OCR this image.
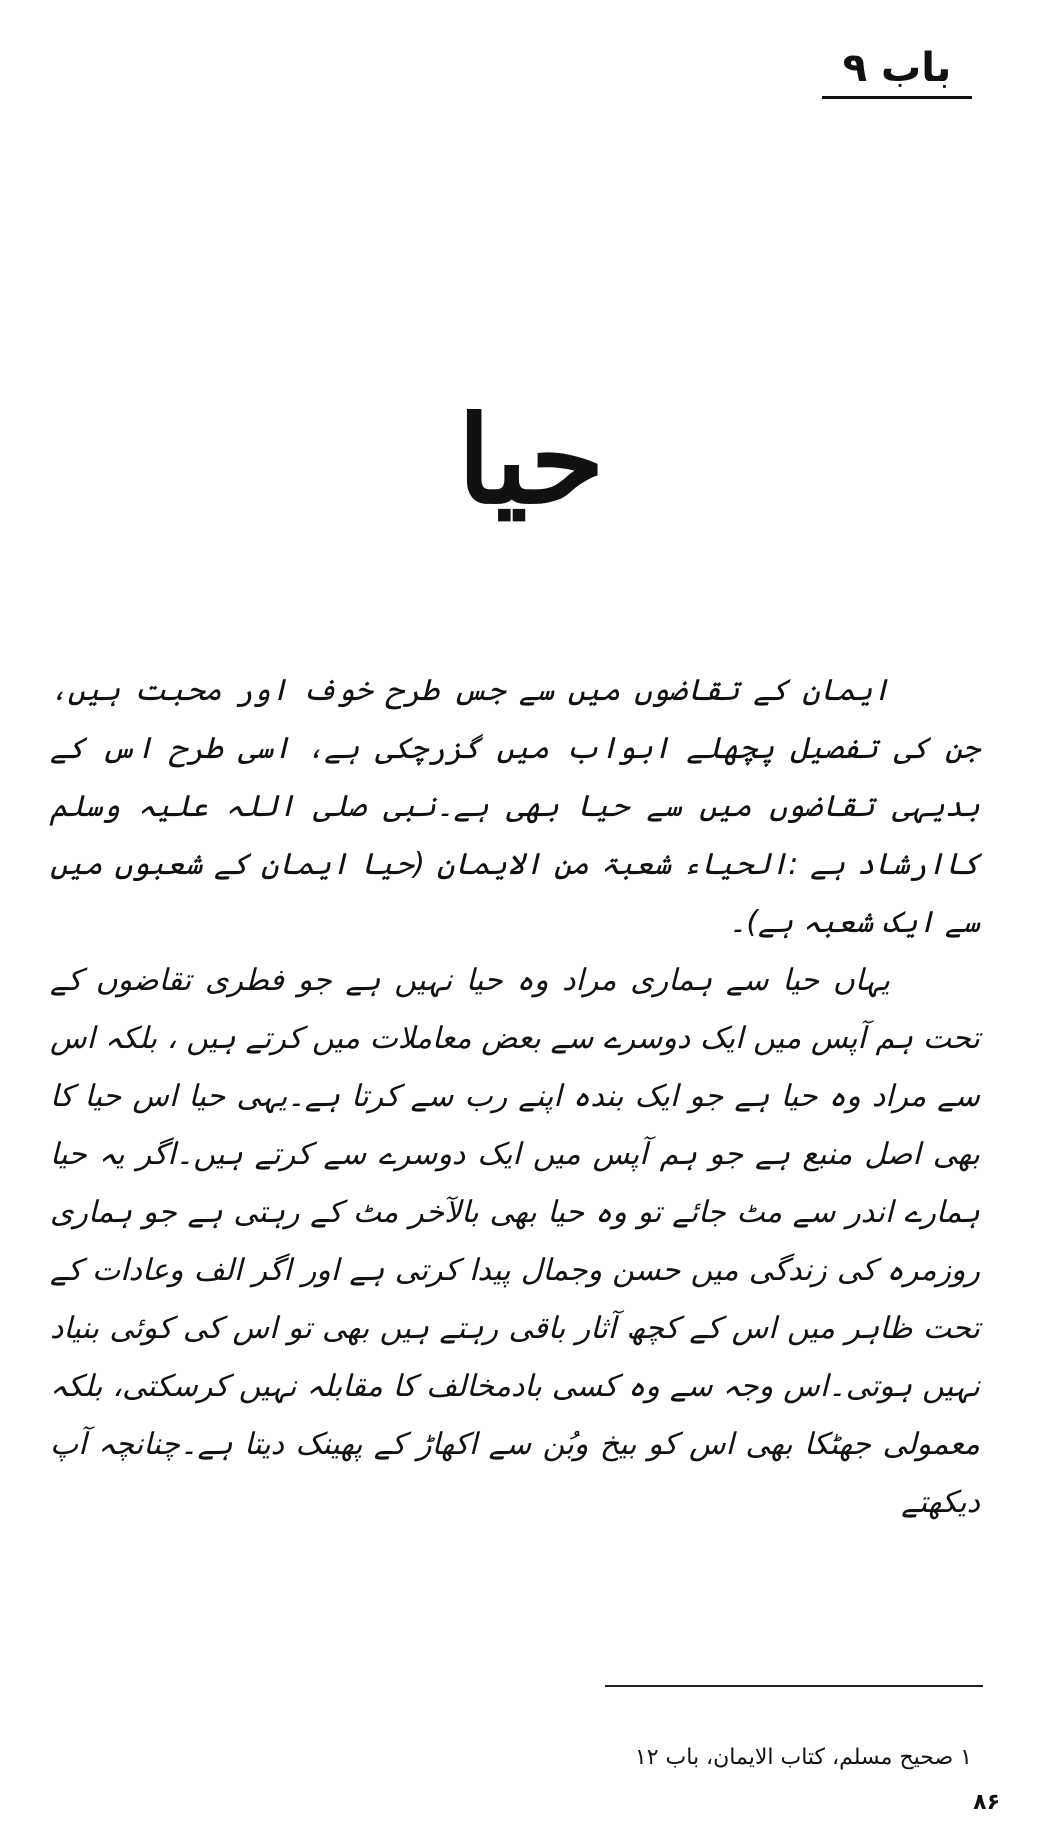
باب ۹
حیا

ایمان کے تقاضوں میں سے جس طرح خوف اور محبت ہیں، جن کی تفصیل پچھلے ابواب میں گزرچکی ہے، اسی طرح اس کے بدیہی تقاضوں میں سے حیا بھی ہے۔نبی صلی اللہ علیہ وسلم کاارشاد ہے :الحیاء شعبۃ من الایمان (حیا ایمان کے شعبوں میں سے ایک شعبہ ہے)۔

یہاں حیا سے ہماری مراد وہ حیا نہیں ہے جو فطری تقاضوں کے تحت ہم آپس میں ایک دوسرے سے بعض معاملات میں کرتے ہیں ، بلکہ اس سے مراد وہ حیا ہے جو ایک بندہ اپنے رب سے کرتا ہے۔یہی حیا اس حیا کا بھی اصل منبع ہے جو ہم آپس میں ایک دوسرے سے کرتے ہیں۔اگر یہ حیا ہمارے اندر سے مٹ جائے تو وہ حیا بھی بالآخر مٹ کے رہتی ہے جو ہماری روزمرہ کی زندگی میں حسن وجمال پیدا کرتی ہے اور اگر الف وعادات کے تحت ظاہر میں اس کے کچھ آثار باقی رہتے ہیں بھی تو اس کی کوئی بنیاد نہیں ہوتی۔اس وجہ سے وہ کسی بادمخالف کا مقابلہ نہیں کرسکتی، بلکہ معمولی جھٹکا بھی اس کو بیخ وبُن سے اکھاڑ کے پھینک دیتا ہے۔چنانچہ آپ دیکھتے

۱ صحیح مسلم، کتاب الایمان، باب ۱۲
۸۶
